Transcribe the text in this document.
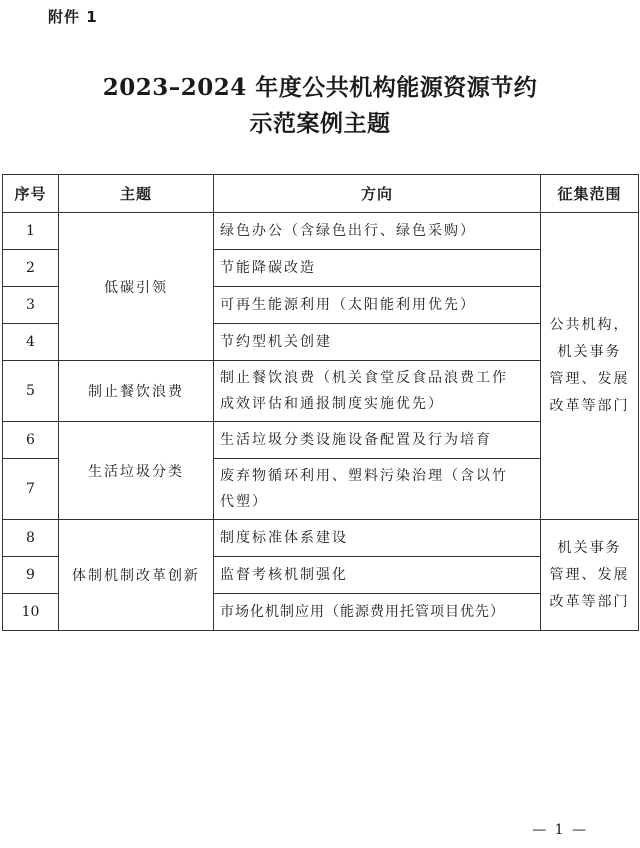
附件 1
2023–2024 年度公共机构能源资源节约
示范案例主题
序号	主题	方向	征集范围
1	低碳引领	绿色办公（含绿色出行、绿色采购）	公共机构，
机关事务
管理、发展
改革等部门

2		节能降碳改造	
3		可再生能源利用（太阳能利用优先）	
4		节约型机关创建	
5	制止餐饮浪费	制止餐饮浪费（机关食堂反食品浪费工作
成效评估和通报制度实施优先）	

6	生活垃圾分类	生活垃圾分类设施设备配置及行为培育	
7		废弃物循环利用、塑料污染治理（含以竹
代塑）	

8	体制机制改革创新	制度标准体系建设	机关事务
管理、发展
改革等部门

9		监督考核机制强化	
10		市场化机制应用（能源费用托管项目优先）	
— 1 —
